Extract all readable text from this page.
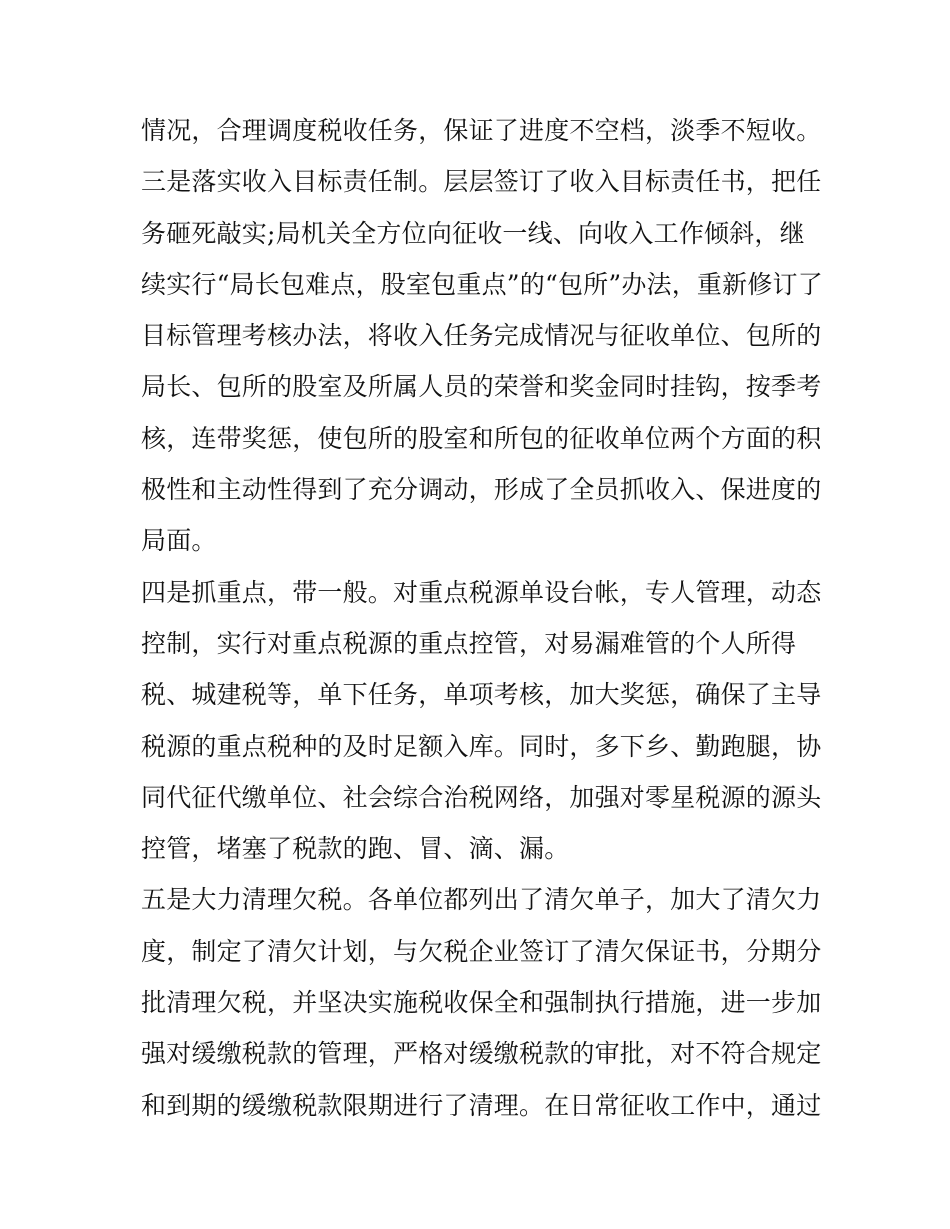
情况，合理调度税收任务，保证了进度不空档，淡季不短收。
三是落实收入目标责任制。层层签订了收入目标责任书，把任
务砸死敲实;局机关全方位向征收一线、向收入工作倾斜，继
续实行“局长包难点，股室包重点”的“包所”办法，重新修订了
目标管理考核办法，将收入任务完成情况与征收单位、包所的
局长、包所的股室及所属人员的荣誉和奖金同时挂钩，按季考
核，连带奖惩，使包所的股室和所包的征收单位两个方面的积
极性和主动性得到了充分调动，形成了全员抓收入、保进度的
局面。
四是抓重点，带一般。对重点税源单设台帐，专人管理，动态
控制，实行对重点税源的重点控管，对易漏难管的个人所得
税、城建税等，单下任务，单项考核，加大奖惩，确保了主导
税源的重点税种的及时足额入库。同时，多下乡、勤跑腿，协
同代征代缴单位、社会综合治税网络，加强对零星税源的源头
控管，堵塞了税款的跑、冒、滴、漏。
五是大力清理欠税。各单位都列出了清欠单子，加大了清欠力
度，制定了清欠计划，与欠税企业签订了清欠保证书，分期分
批清理欠税，并坚决实施税收保全和强制执行措施，进一步加
强对缓缴税款的管理，严格对缓缴税款的审批，对不符合规定
和到期的缓缴税款限期进行了清理。在日常征收工作中，通过
